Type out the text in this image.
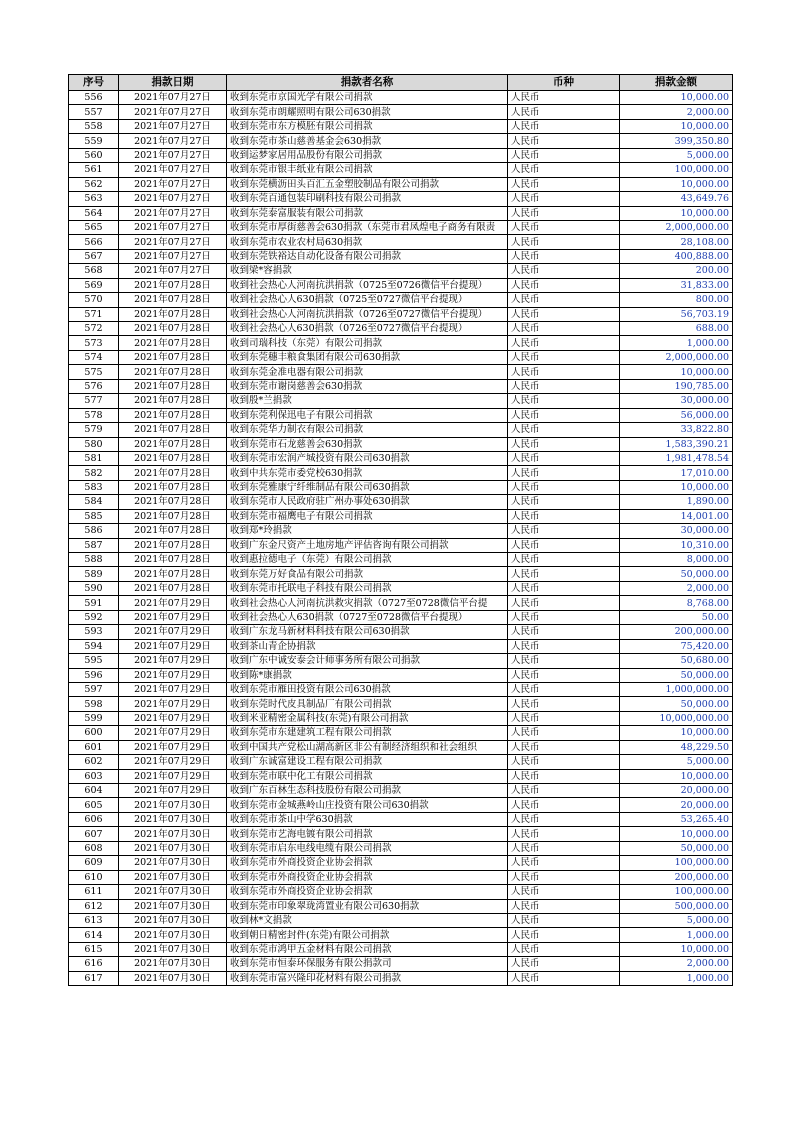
序号	捐款日期	捐款者名称	币种	捐款金额
556	2021年07月27日	收到东莞市京国光学有限公司捐款	人民币	10,000.00
557	2021年07月27日	收到东莞市朗耀照明有限公司630捐款	人民币	2,000.00
558	2021年07月27日	收到东莞市东方模胚有限公司捐款	人民币	10,000.00
559	2021年07月27日	收到东莞市茶山慈善基金会630捐款	人民币	399,350.80
560	2021年07月27日	收到运梦家居用品股份有限公司捐款	人民币	5,000.00
561	2021年07月27日	收到东莞市银丰纸业有限公司捐款	人民币	100,000.00
562	2021年07月27日	收到东莞横沥田头百汇五金塑胶制品有限公司捐款	人民币	10,000.00
563	2021年07月27日	收到东莞百通包装印刷科技有限公司捐款	人民币	43,649.76
564	2021年07月27日	收到东莞泰富服装有限公司捐款	人民币	10,000.00
565	2021年07月27日	收到东莞市厚街慈善会630捐款（东莞市君凤煌电子商务有限责	人民币	2,000,000.00
566	2021年07月27日	收到东莞市农业农村局630捐款	人民币	28,108.00
567	2021年07月27日	收到东莞铁裕达自动化设备有限公司捐款	人民币	400,888.00
568	2021年07月27日	收到梁*容捐款	人民币	200.00
569	2021年07月28日	收到社会热心人河南抗洪捐款（0725至0726微信平台提现）	人民币	31,833.00
570	2021年07月28日	收到社会热心人630捐款（0725至0727微信平台提现）	人民币	800.00
571	2021年07月28日	收到社会热心人河南抗洪捐款（0726至0727微信平台提现）	人民币	56,703.19
572	2021年07月28日	收到社会热心人630捐款（0726至0727微信平台提现）	人民币	688.00
573	2021年07月28日	收到司瑞科技（东莞）有限公司捐款	人民币	1,000.00
574	2021年07月28日	收到东莞穗丰粮食集团有限公司630捐款	人民币	2,000,000.00
575	2021年07月28日	收到东莞金准电器有限公司捐款	人民币	10,000.00
576	2021年07月28日	收到东莞市谢岗慈善会630捐款	人民币	190,785.00
577	2021年07月28日	收到殷*兰捐款	人民币	30,000.00
578	2021年07月28日	收到东莞利保迅电子有限公司捐款	人民币	56,000.00
579	2021年07月28日	收到东莞华力制衣有限公司捐款	人民币	33,822.80
580	2021年07月28日	收到东莞市石龙慈善会630捐款	人民币	1,583,390.21
581	2021年07月28日	收到东莞市宏润产城投资有限公司630捐款	人民币	1,981,478.54
582	2021年07月28日	收到中共东莞市委党校630捐款	人民币	17,010.00
583	2021年07月28日	收到东莞雅康宁纤维制品有限公司630捐款	人民币	10,000.00
584	2021年07月28日	收到东莞市人民政府驻广州办事处630捐款	人民币	1,890.00
585	2021年07月28日	收到东莞市福鹰电子有限公司捐款	人民币	14,001.00
586	2021年07月28日	收到郑*玲捐款	人民币	30,000.00
587	2021年07月28日	收到广东金尺资产土地房地产评估咨询有限公司捐款	人民币	10,310.00
588	2021年07月28日	收到惠拉德电子（东莞）有限公司捐款	人民币	8,000.00
589	2021年07月28日	收到东莞万好食品有限公司捐款	人民币	50,000.00
590	2021年07月28日	收到东莞市托联电子科技有限公司捐款	人民币	2,000.00
591	2021年07月29日	收到社会热心人河南抗洪救灾捐款（0727至0728微信平台提	人民币	8,768.00
592	2021年07月29日	收到社会热心人630捐款（0727至0728微信平台提现）	人民币	50.00
593	2021年07月29日	收到广东龙马新材料科技有限公司630捐款	人民币	200,000.00
594	2021年07月29日	收到茶山青企协捐款	人民币	75,420.00
595	2021年07月29日	收到广东中诚安泰会计师事务所有限公司捐款	人民币	50,680.00
596	2021年07月29日	收到陈*康捐款	人民币	50,000.00
597	2021年07月29日	收到东莞市雁田投资有限公司630捐款	人民币	1,000,000.00
598	2021年07月29日	收到东莞时代皮具制品厂有限公司捐款	人民币	50,000.00
599	2021年07月29日	收到米亚精密金属科技(东莞)有限公司捐款	人民币	10,000,000.00
600	2021年07月29日	收到东莞市东建建筑工程有限公司捐款	人民币	10,000.00
601	2021年07月29日	收到中国共产党松山湖高新区非公有制经济组织和社会组织	人民币	48,229.50
602	2021年07月29日	收到广东诚富建设工程有限公司捐款	人民币	5,000.00
603	2021年07月29日	收到东莞市联中化工有限公司捐款	人民币	10,000.00
604	2021年07月29日	收到广东百林生态科技股份有限公司捐款	人民币	20,000.00
605	2021年07月30日	收到东莞市金城燕岭山庄投资有限公司630捐款	人民币	20,000.00
606	2021年07月30日	收到东莞市茶山中学630捐款	人民币	53,265.40
607	2021年07月30日	收到东莞市艺海电镀有限公司捐款	人民币	10,000.00
608	2021年07月30日	收到东莞市启东电线电缆有限公司捐款	人民币	50,000.00
609	2021年07月30日	收到东莞市外商投资企业协会捐款	人民币	100,000.00
610	2021年07月30日	收到东莞市外商投资企业协会捐款	人民币	200,000.00
611	2021年07月30日	收到东莞市外商投资企业协会捐款	人民币	100,000.00
612	2021年07月30日	收到东莞市印象翠珑湾置业有限公司630捐款	人民币	500,000.00
613	2021年07月30日	收到林*文捐款	人民币	5,000.00
614	2021年07月30日	收到朝日精密封件(东莞)有限公司捐款	人民币	1,000.00
615	2021年07月30日	收到东莞市鸿甲五金材料有限公司捐款	人民币	10,000.00
616	2021年07月30日	收到东莞市恒泰环保服务有限公捐款司	人民币	2,000.00
617	2021年07月30日	收到东莞市富兴隆印花材料有限公司捐款	人民币	1,000.00
